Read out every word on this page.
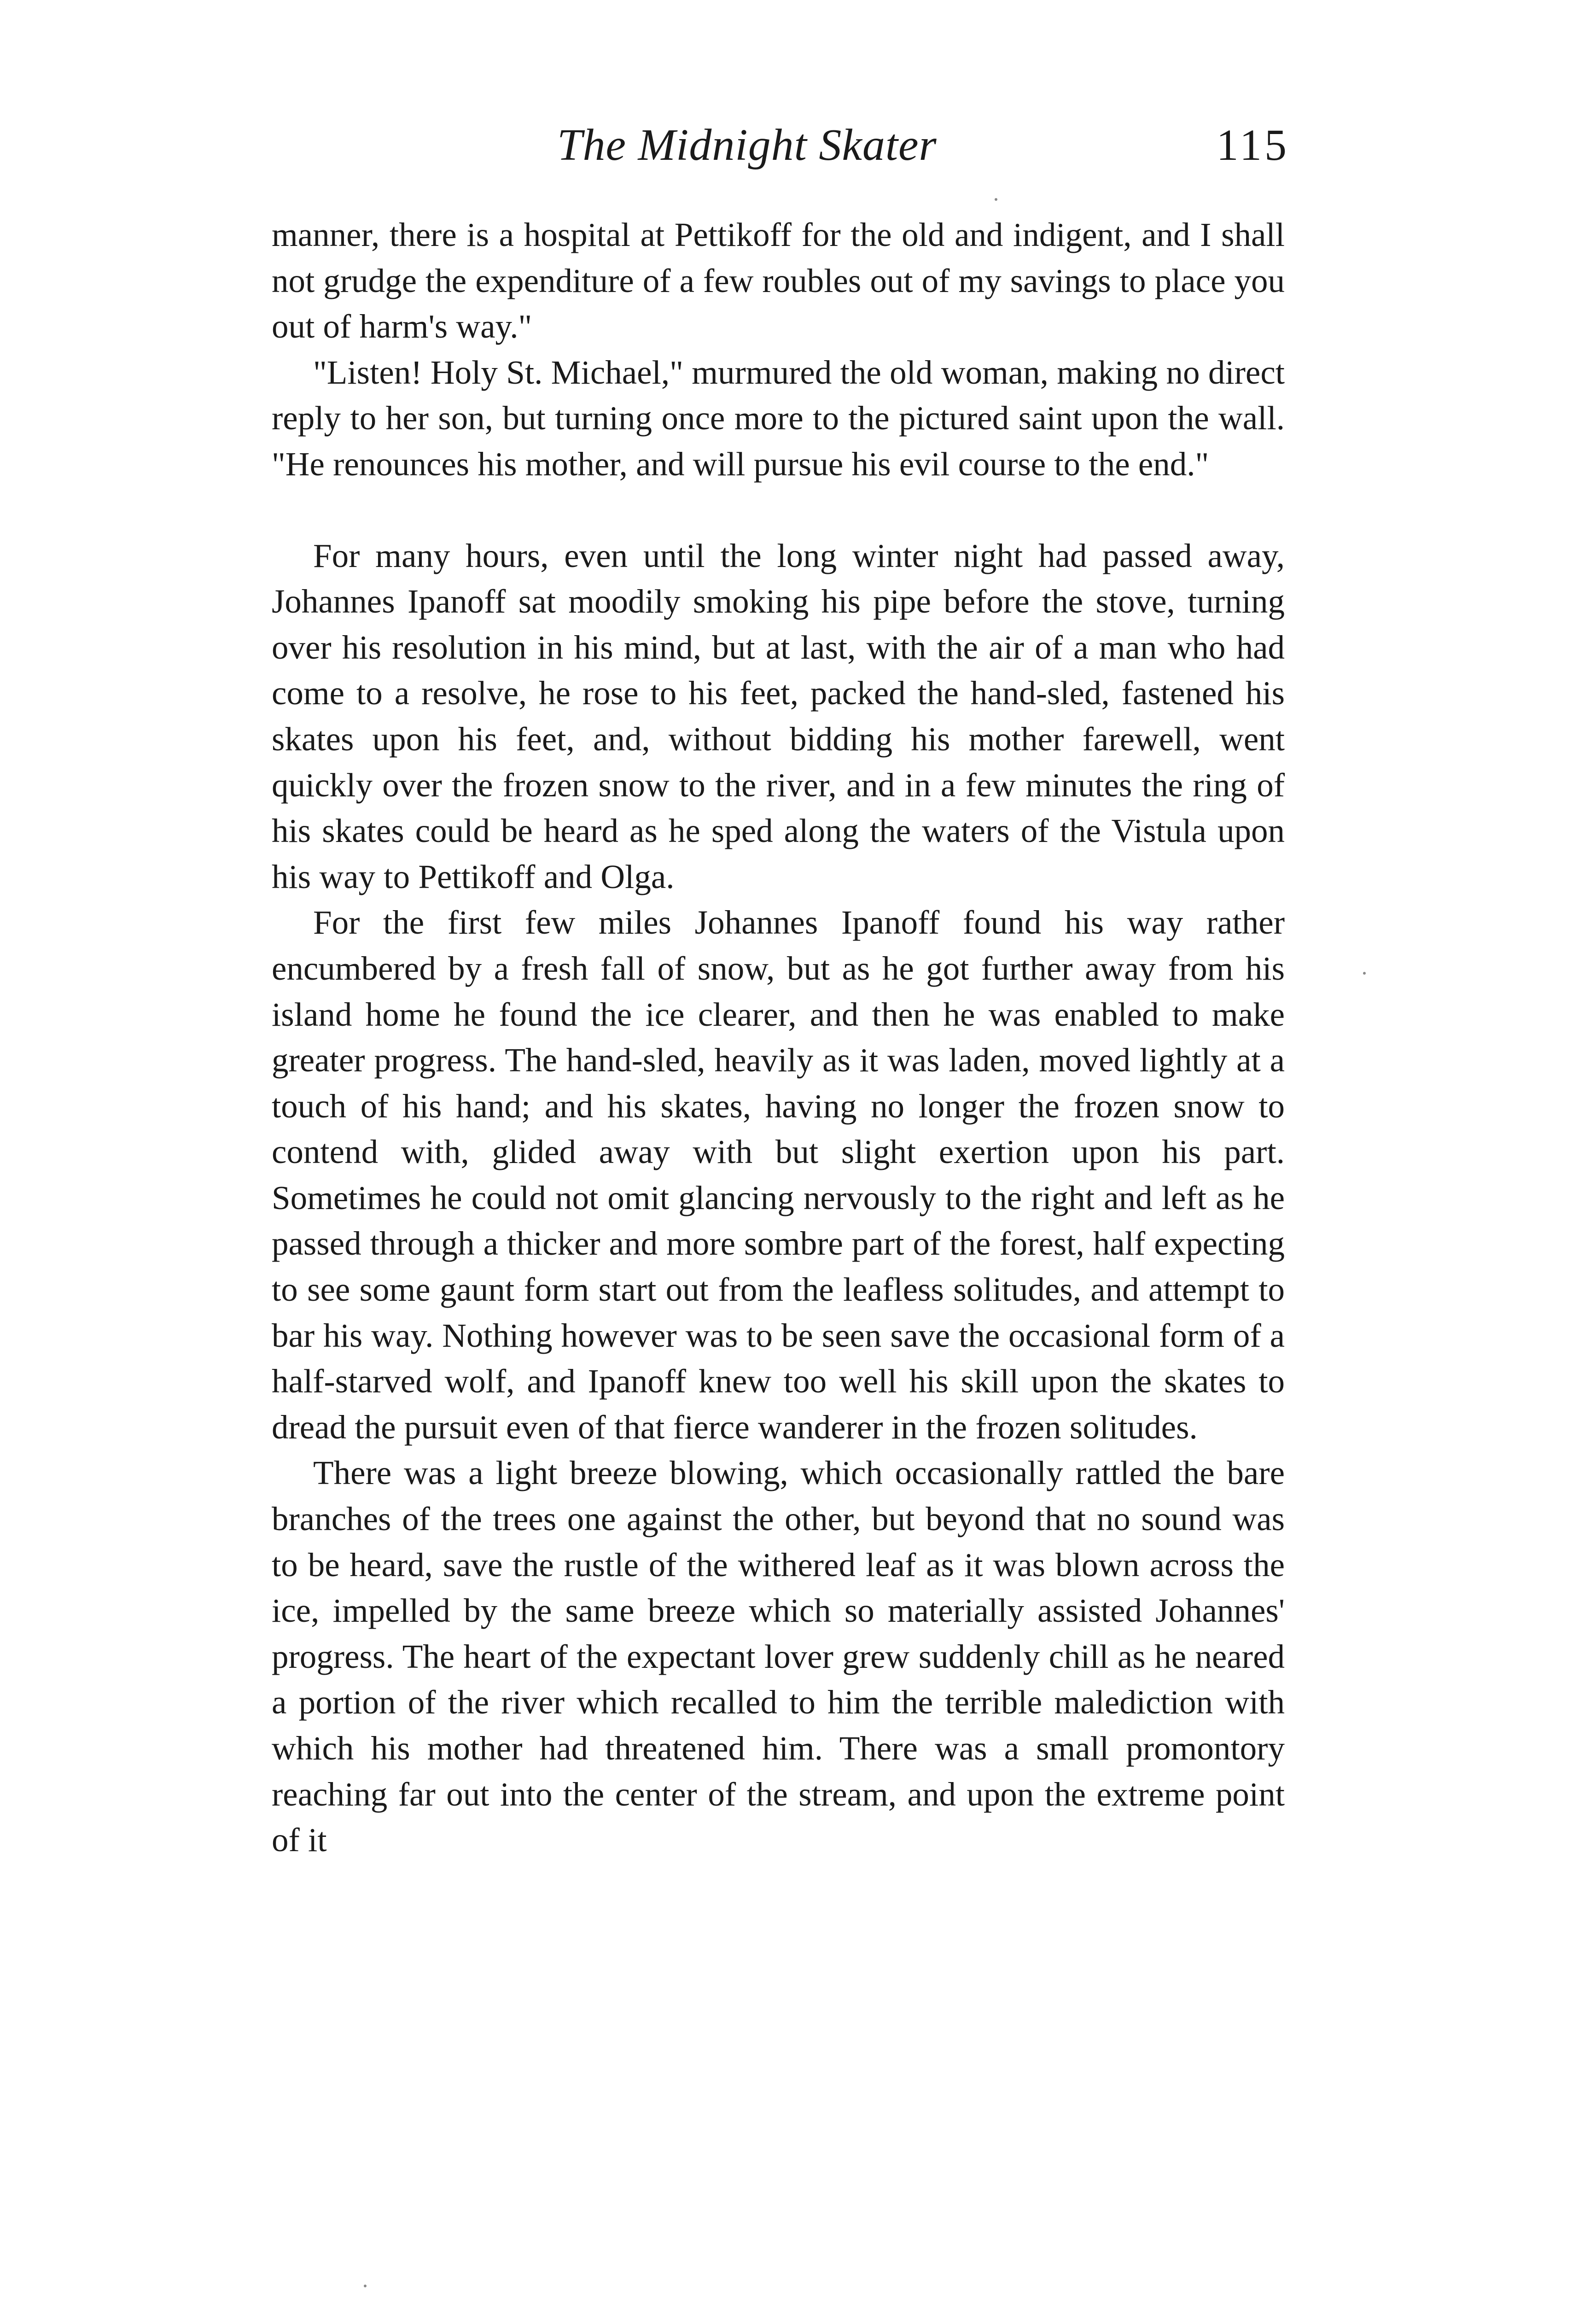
The Midnight Skater	115

manner, there is a hospital at Pettikoff for the old and indigent, and I shall not grudge the expenditure of a few roubles out of my savings to place you out of harm's way."

"Listen! Holy St. Michael," murmured the old woman, making no direct reply to her son, but turning once more to the pictured saint upon the wall. "He renounces his mother, and will pursue his evil course to the end."

For many hours, even until the long winter night had passed away, Johannes Ipanoff sat moodily smoking his pipe before the stove, turning over his resolution in his mind, but at last, with the air of a man who had come to a resolve, he rose to his feet, packed the hand-sled, fastened his skates upon his feet, and, without bidding his mother farewell, went quickly over the frozen snow to the river, and in a few minutes the ring of his skates could be heard as he sped along the waters of the Vistula upon his way to Pettikoff and Olga.

For the first few miles Johannes Ipanoff found his way rather encumbered by a fresh fall of snow, but as he got further away from his island home he found the ice clearer, and then he was enabled to make greater progress. The hand-sled, heavily as it was laden, moved lightly at a touch of his hand; and his skates, having no longer the frozen snow to contend with, glided away with but slight exertion upon his part. Sometimes he could not omit glancing nervously to the right and left as he passed through a thicker and more sombre part of the forest, half expecting to see some gaunt form start out from the leafless solitudes, and attempt to bar his way. Nothing however was to be seen save the occasional form of a half-starved wolf, and Ipanoff knew too well his skill upon the skates to dread the pursuit even of that fierce wanderer in the frozen solitudes.

There was a light breeze blowing, which occasionally rattled the bare branches of the trees one against the other, but beyond that no sound was to be heard, save the rustle of the withered leaf as it was blown across the ice, impelled by the same breeze which so materially assisted Johannes' progress. The heart of the expectant lover grew suddenly chill as he neared a portion of the river which recalled to him the terrible malediction with which his mother had threatened him. There was a small promontory reaching far out into the center of the stream, and upon the extreme point of it
